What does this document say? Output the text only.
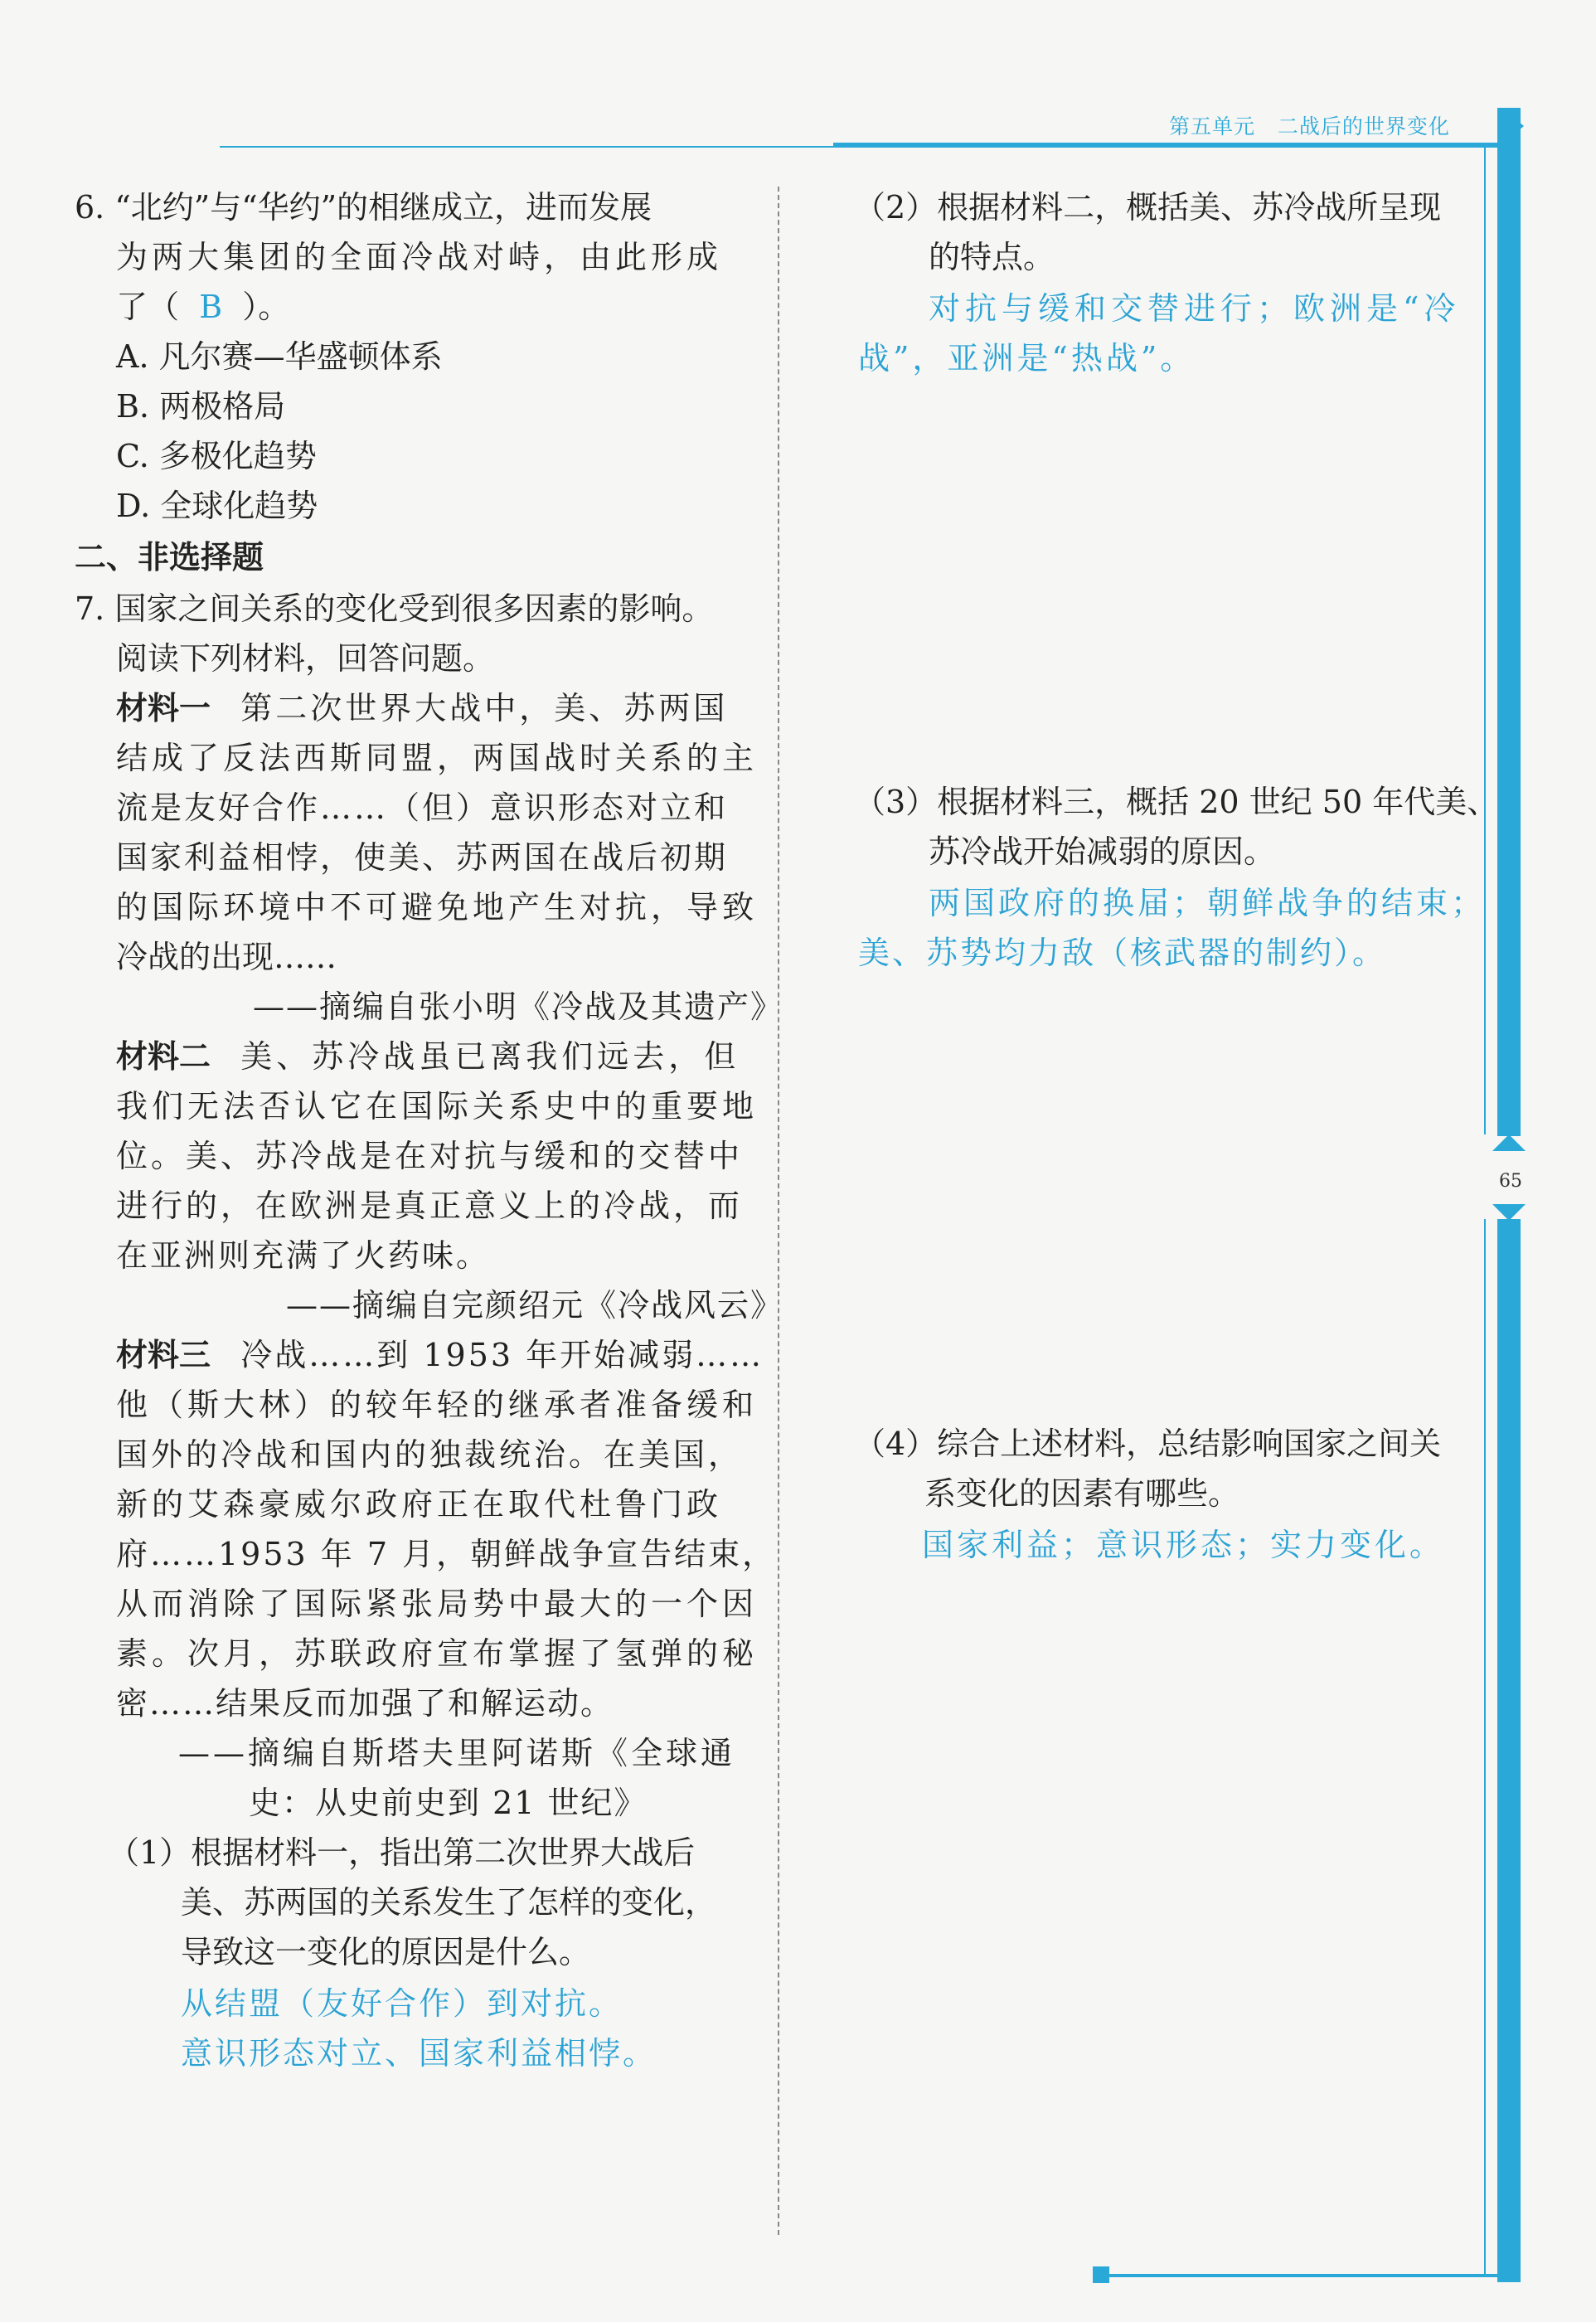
第五单元 二战后的世界变化
65
6. “北约”与“华约”的相继成立，进而发展
为两大集团的全面冷战对峙，由此形成
了（ B ）。
A. 凡尔赛—华盛顿体系
B. 两极格局
C. 多极化趋势
D. 全球化趋势
二、非选择题
7. 国家之间关系的变化受到很多因素的影响。
阅读下列材料，回答问题。
材料一 第二次世界大战中，美、苏两国
结成了反法西斯同盟，两国战时关系的主
流是友好合作……（但）意识形态对立和
国家利益相悖，使美、苏两国在战后初期
的国际环境中不可避免地产生对抗，导致
冷战的出现……
——摘编自张小明《冷战及其遗产》
材料二 美、苏冷战虽已离我们远去，但
我们无法否认它在国际关系史中的重要地
位。美、苏冷战是在对抗与缓和的交替中
进行的，在欧洲是真正意义上的冷战，而
在亚洲则充满了火药味。
——摘编自完颜绍元《冷战风云》
材料三 冷战……到 1953 年开始减弱……
他（斯大林）的较年轻的继承者准备缓和
国外的冷战和国内的独裁统治。在美国，
新的艾森豪威尔政府正在取代杜鲁门政
府……1953 年 7 月，朝鲜战争宣告结束，
从而消除了国际紧张局势中最大的一个因
素。次月，苏联政府宣布掌握了氢弹的秘
密……结果反而加强了和解运动。
——摘编自斯塔夫里阿诺斯《全球通
史：从史前史到 21 世纪》
（1）根据材料一，指出第二次世界大战后
美、苏两国的关系发生了怎样的变化，
导致这一变化的原因是什么。
从结盟（友好合作）到对抗。
意识形态对立、国家利益相悖。
（2）根据材料二，概括美、苏冷战所呈现
的特点。
对抗与缓和交替进行；欧洲是“冷
战”，亚洲是“热战”。
（3）根据材料三，概括 20 世纪 50 年代美、
苏冷战开始减弱的原因。
两国政府的换届；朝鲜战争的结束；
美、苏势均力敌（核武器的制约）。
（4）综合上述材料，总结影响国家之间关
系变化的因素有哪些。
国家利益；意识形态；实力变化。
